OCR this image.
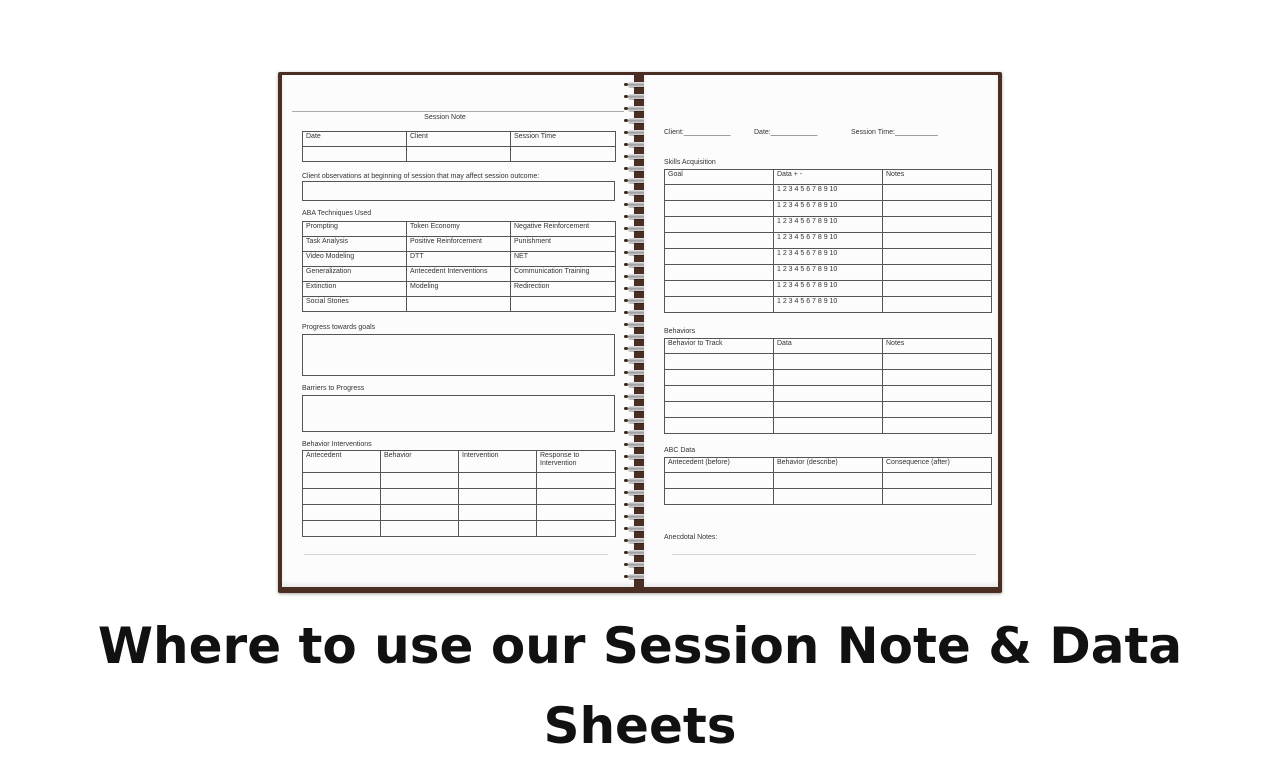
Session Note
Date	Client	Session Time

Client observations at beginning of session that may affect session outcome:
ABA Techniques Used
Prompting	Token Economy	Negative Reinforcement
Task Analysis	Positive Reinforcement	Punishment
Video Modeling	DTT	NET
Generalization	Antecedent Interventions	Communication Training
Extinction	Modeling	Redirection
Social Stories		
Progress towards goals
Barriers to Progress
Behavior Interventions
Antecedent	Behavior	Intervention	Response to Intervention

Client:____________	Date:____________	Session Time:___________
Skills Acquisition
Goal	Data + -	Notes
	1 2 3 4 5 6 7 8 9 10	
	1 2 3 4 5 6 7 8 9 10	
	1 2 3 4 5 6 7 8 9 10	
	1 2 3 4 5 6 7 8 9 10	
	1 2 3 4 5 6 7 8 9 10	
	1 2 3 4 5 6 7 8 9 10	
	1 2 3 4 5 6 7 8 9 10	
	1 2 3 4 5 6 7 8 9 10	
Behaviors
Behavior to Track	Data	Notes

ABC Data
Antecedent (before)	Behavior (describe)	Consequence (after)

Anecdotal Notes:
Where to use our Session Note & Data Sheets
